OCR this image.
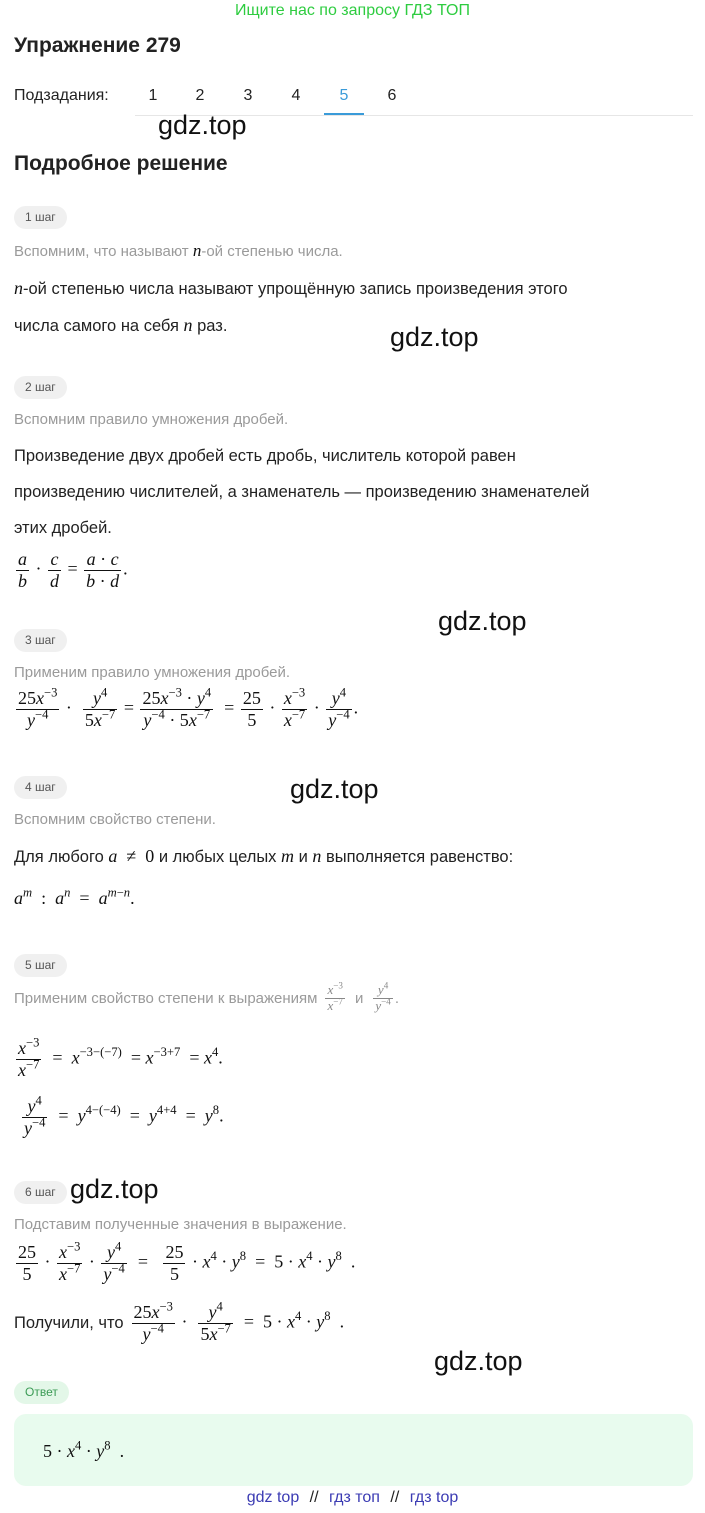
Ищите нас по запросу ГДЗ ТОП
Упражнение 279
Подзадания:	1	2	3	4	5	6
gdz.top
gdz.top
gdz.top
gdz.top
gdz.top
gdz.top
Подробное решение
1 шаг
Вспомним, что называют n-ой степенью числа.
n-ой степенью числа называют упрощённую запись произведения этого
числа самого на себя n раз.
2 шаг
Вспомним правило умножения дробей.
Произведение двух дробей есть дробь, числитель которой равен
произведению числителей, а знаменатель — произведению знаменателей
этих дробей.
$\frac{a}{b} \cdot \frac{c}{d} = \frac{a \cdot c}{b \cdot d}$ .
3 шаг
Применим правило умножения дробей.
$\frac{25x^{-3}}{y^{-4}} \cdot \frac{y^4}{5x^{-7}} = \frac{25x^{-3} \cdot y^4}{y^{-4} \cdot 5x^{-7}} = \frac{25}{5} \cdot \frac{x^{-3}}{x^{-7}} \cdot \frac{y^4}{y^{-4}}$ .
4 шаг
Вспомним свойство степени.
Для любого a  ≠  0 и любых целых m и n выполняется равенство:
$a^m$  :  $a^n = a^{m-n}$.
5 шаг
Применим свойство степени к выражениям $\frac{x^{-3}}{x^{-7}}$ и $\frac{y^4}{y^{-4}}$ .
$\frac{x^{-3}}{x^{-7}} = x^{-3-(-7)} = x^{-3+7} = x^4$.
$\frac{y^4}{y^{-4}} = y^{4-(-4)} = y^{4+4} = y^8$.
6 шаг
Подставим полученные значения в выражение.
$\frac{25}{5} \cdot \frac{x^{-3}}{x^{-7}} \cdot \frac{y^4}{y^{-4}} = \frac{25}{5} \cdot x^4 \cdot y^8 = 5 \cdot x^4 \cdot y^8$  .
Получили, что $\frac{25x^{-3}}{y^{-4}} \cdot \frac{y^4}{5x^{-7}} = 5 \cdot x^4 \cdot y^8$  .
Ответ
$5 \cdot x^4 \cdot y^8$  .
gdz top // гдз топ // гдз top
